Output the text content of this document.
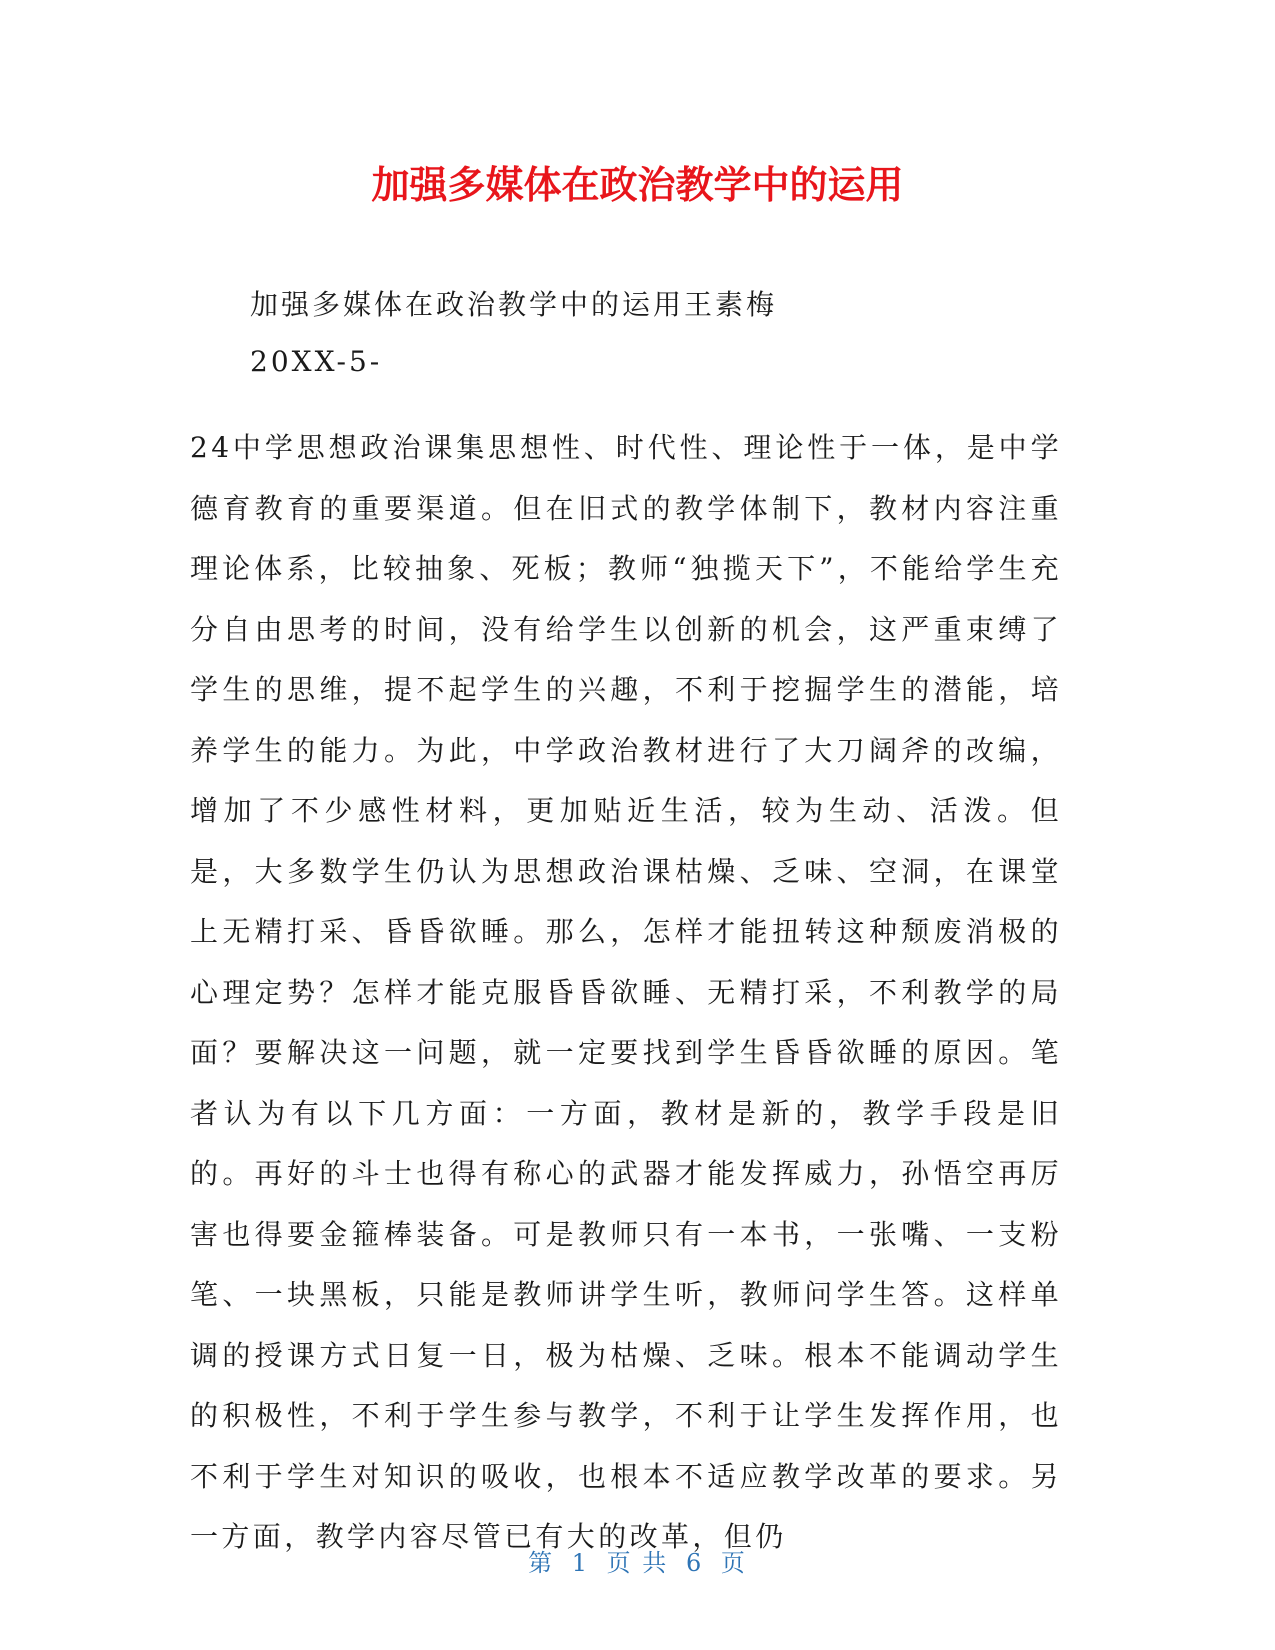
加强多媒体在政治教学中的运用
加强多媒体在政治教学中的运用王素梅
20XX-5-

24中学思想政治课集思想性、时代性、理论性于一体，是中学德育教育的重要渠道。但在旧式的教学体制下，教材内容注重理论体系，比较抽象、死板；教师“独揽天下”，不能给学生充分自由思考的时间，没有给学生以创新的机会，这严重束缚了学生的思维，提不起学生的兴趣，不利于挖掘学生的潜能，培养学生的能力。为此，中学政治教材进行了大刀阔斧的改编，增加了不少感性材料，更加贴近生活，较为生动、活泼。但是，大多数学生仍认为思想政治课枯燥、乏味、空洞，在课堂上无精打采、昏昏欲睡。那么，怎样才能扭转这种颓废消极的心理定势？怎样才能克服昏昏欲睡、无精打采，不利教学的局面？要解决这一问题，就一定要找到学生昏昏欲睡的原因。笔者认为有以下几方面：一方面，教材是新的，教学手段是旧的。再好的斗士也得有称心的武器才能发挥威力，孙悟空再厉害也得要金箍棒装备。可是教师只有一本书，一张嘴、一支粉笔、一块黑板，只能是教师讲学生听，教师问学生答。这样单调的授课方式日复一日，极为枯燥、乏味。根本不能调动学生的积极性，不利于学生参与教学，不利于让学生发挥作用，也不利于学生对知识的吸收，也根本不适应教学改革的要求。另一方面，教学内容尽管已有大的改革，但仍

第 1 页 共 6 页
